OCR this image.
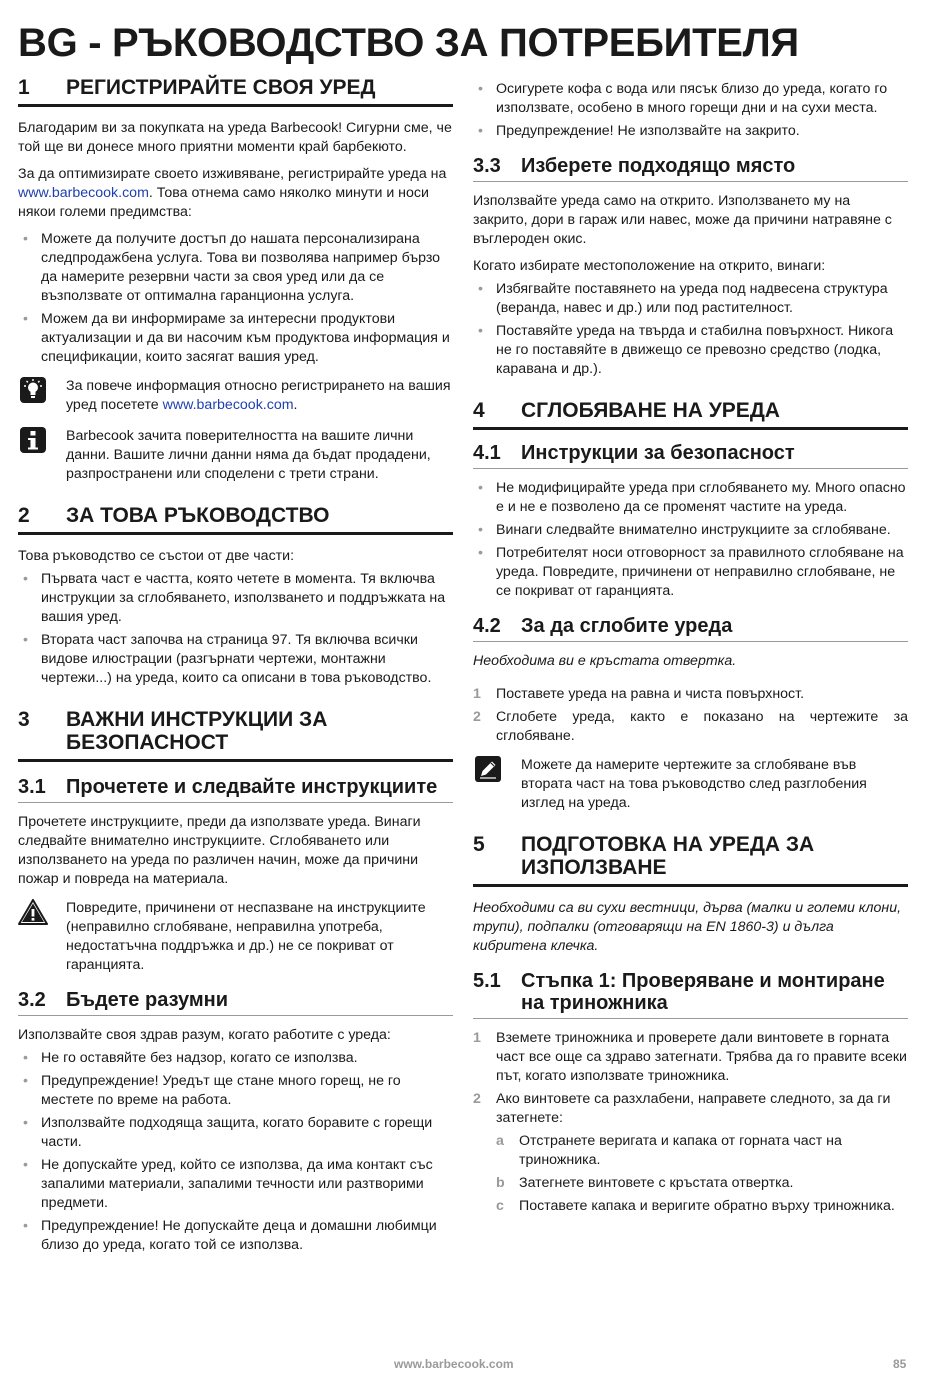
BG - РЪКОВОДСТВО ЗА ПОТРЕБИТЕЛЯ
1	РЕГИСТРИРАЙТЕ СВОЯ УРЕД

Благодарим ви за покупката на уреда Barbecook! Сигурни сме, че той ще ви донесе много приятни моменти край барбекюто.

За да оптимизирате своето изживяване, регистрирайте уреда на www.barbecook.com. Това отнема само няколко минути и носи някои големи предимства:

• Можете да получите достъп до нашата персонализирана следпродажбена услуга. Това ви позволява например бързо да намерите резервни части за своя уред или да се възползвате от оптимална гаранционна услуга.
• Можем да ви информираме за интересни продуктови актуализации и да ви насочим към продуктова информация и спецификации, които засягат вашия уред.
За повече информация относно регистрирането на вашия уред посетете www.barbecook.com.
Barbecook зачита поверителността на вашите лични данни. Вашите лични данни няма да бъдат продадени, разпространени или споделени с трети страни.
2	ЗА ТОВА РЪКОВОДСТВО

Това ръководство се състои от две части:

• Първата част е частта, която четете в момента. Тя включва инструкции за сглобяването, използването и поддръжката на вашия уред.
• Втората част започва на страница 97. Тя включва всички видове илюстрации (разгърнати чертежи, монтажни чертежи...) на уреда, които са описани в това ръководство.
3	ВАЖНИ ИНСТРУКЦИИ ЗА БЕЗОПАСНОСТ
3.1	Прочетете и следвайте инструкциите

Прочетете инструкциите, преди да използвате уреда. Винаги следвайте внимателно инструкциите. Сглобяването или използването на уреда по различен начин, може да причини пожар и повреда на материала.

Повредите, причинени от неспазване на инструкциите (неправилно сглобяване, неправилна употреба, недостатъчна поддръжка и др.) не се покриват от гаранцията.
3.2	Бъдете разумни

Използвайте своя здрав разум, когато работите с уреда:

• Не го оставяйте без надзор, когато се използва.
• Предупреждение! Уредът ще стане много горещ, не го местете по време на работа.
• Използвайте подходяща защита, когато боравите с горещи части.
• Не допускайте уред, който се използва, да има контакт със запалими материали, запалими течности или разтворими предмети.
• Предупреждение! Не допускайте деца и домашни любимци близо до уреда, когато той се използва.
• Осигурете кофа с вода или пясък близо до уреда, когато го използвате, особено в много горещи дни и на сухи места.
• Предупреждение! Не използвайте на закрито.
3.3	Изберете подходящо място

Използвайте уреда само на открито. Използването му на закрито, дори в гараж или навес, може да причини натравяне с въглероден окис.

Когато избирате местоположение на открито, винаги:

• Избягвайте поставянето на уреда под надвесена структура (веранда, навес и др.) или под растителност.
• Поставяйте уреда на твърда и стабилна повърхност. Никога не го поставяйте в движещо се превозно средство (лодка, каравана и др.).
4	СГЛОБЯВАНЕ НА УРЕДА
4.1	Инструкции за безопасност
• Не модифицирайте уреда при сглобяването му. Много опасно е и не е позволено да се променят частите на уреда.
• Винаги следвайте внимателно инструкциите за сглобяване.
• Потребителят носи отговорност за правилното сглобяване на уреда. Повредите, причинени от неправилно сглобяване, не се покриват от гаранцията.
4.2	За да сглобите уреда

Необходима ви е кръстата отвертка.

1	Поставете уреда на равна и чиста повърхност.
2	Сглобете уреда, както е показано на чертежите за сглобяване.
Можете да намерите чертежите за сглобяване във втората част на това ръководство след разглобения изглед на уреда.
5	ПОДГОТОВКА НА УРЕДА ЗА ИЗПОЛЗВАНЕ

Необходими са ви сухи вестници, дърва (малки и големи клони, трупи), подпалки (отговарящи на EN 1860-3) и дълга кибритена клечка.

5.1	Стъпка 1: Проверяване и монтиране на триножника
1	Вземете триножника и проверете дали винтовете в горната част все още са здраво затегнати. Трябва да го правите всеки път, когато използвате триножника.
2	Ако винтовете са разхлабени, направете следното, за да ги затегнете:
a	Отстранете веригата и капака от горната част на триножника.
b	Затегнете винтовете с кръстата отвертка.
c	Поставете капака и веригите обратно върху триножника.
www.barbecook.com	85
